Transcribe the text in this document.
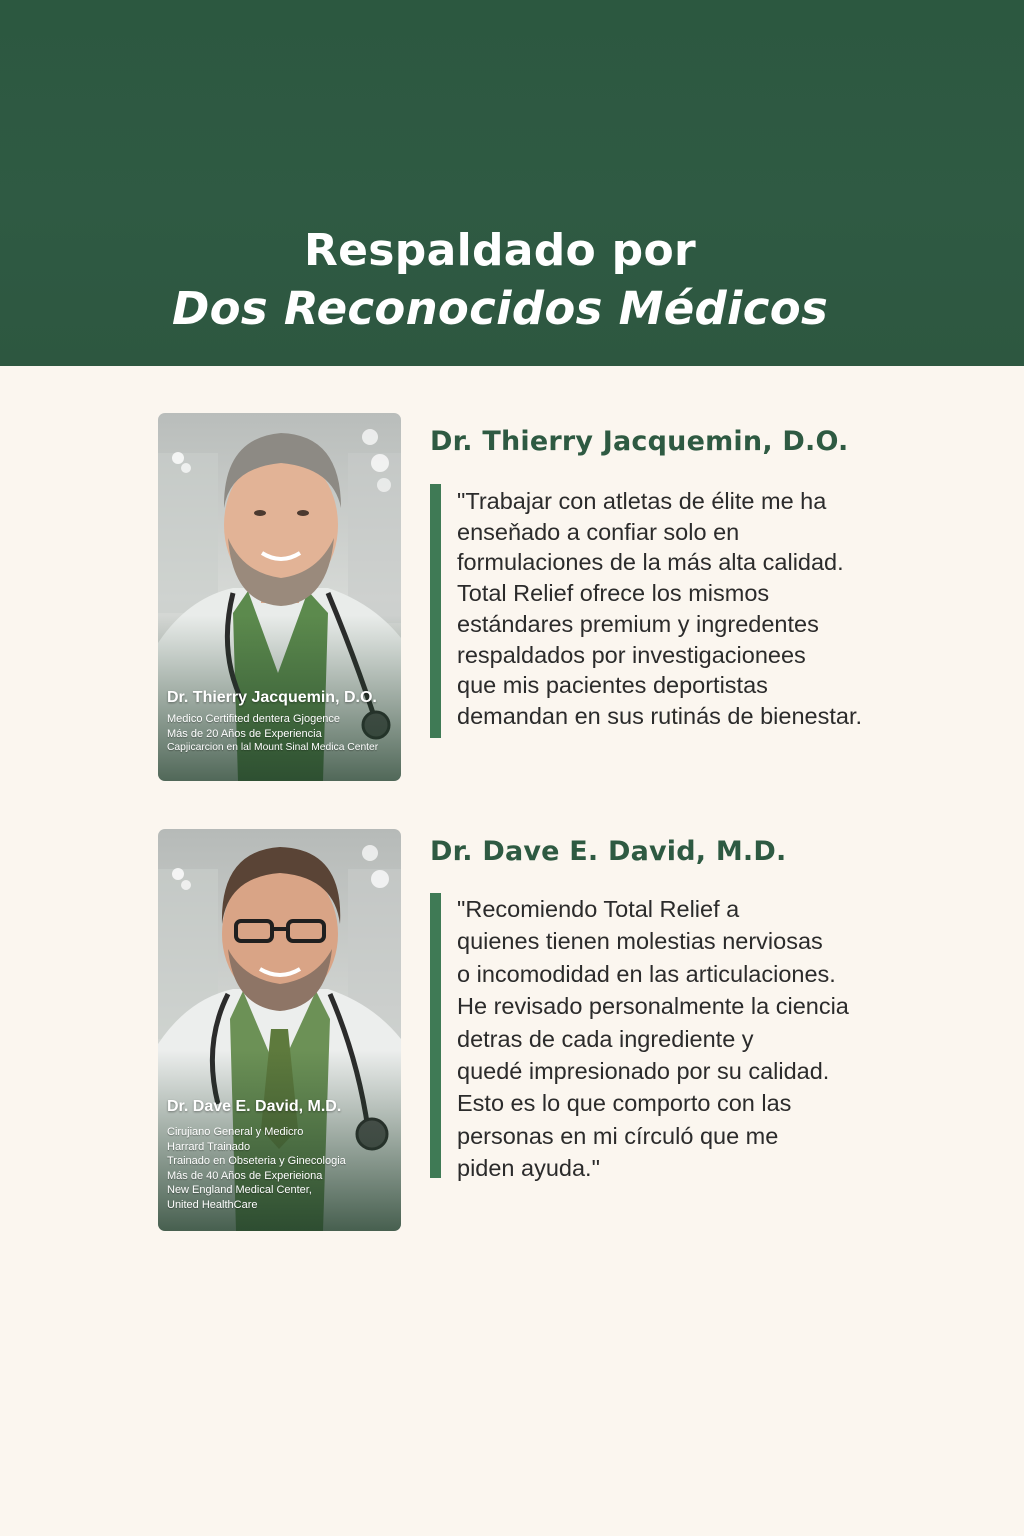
Respaldado por
Dos Reconocidos Médicos
Dr. Thierry Jacquemin, D.O.
Medico Certifited dentera Gjogence
Más de 20 Años de Experiencia
Capjicarcion en lal Mount Sinal Medica Center
Dr. Thierry Jacquemin, D.O.
"Trabajar con atletas de élite me ha
enseňado a confiar solo en
formulaciones de la más alta calidad.
Total Relief ofrece los mismos
estándares premium y ingredentes
respaldados por investigacionees
que mis pacientes deportistas
demandan en sus rutinás de bienestar.
Dr. Dave E. David, M.D.
Cirujiano General y Medicro
Harrard Trainado
Trainado en Obseteria y Ginecologia
Más de 40 Años de Experieiona
New England Medical Center,
United HealthCare
Dr. Dave E. David, M.D.
"Recomiendo Total Relief a
quienes tienen molestias nerviosas
o incomodidad en las articulaciones.
He revisado personalmente la ciencia
detras de cada ingrediente y
quedé impresionado por su calidad.
Esto es lo que comporto con las
personas en mi círculó que me
piden ayuda."
